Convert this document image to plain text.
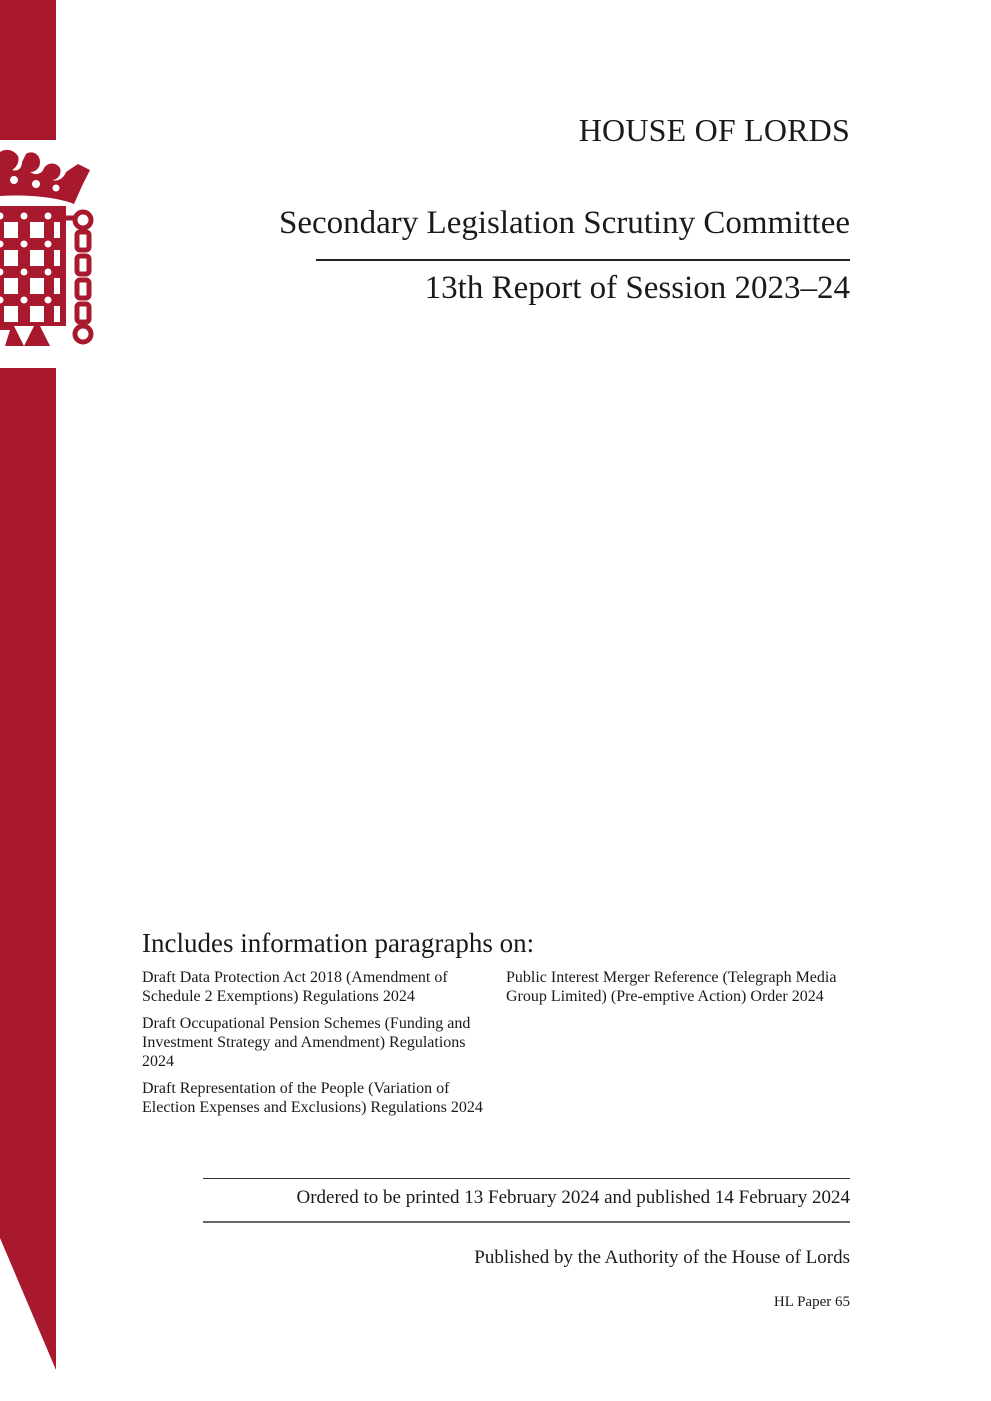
HOUSE OF LORDS
Secondary Legislation Scrutiny Committee
13th Report of Session 2023–24
Includes information paragraphs on:
Draft Data Protection Act 2018 (Amendment of Schedule 2 Exemptions) Regulations 2024
Draft Occupational Pension Schemes (Funding and Investment Strategy and Amendment) Regulations 2024
Draft Representation of the People (Variation of Election Expenses and Exclusions) Regulations 2024
Public Interest Merger Reference (Telegraph Media Group Limited) (Pre-emptive Action) Order 2024
Ordered to be printed 13 February 2024 and published 14 February 2024
Published by the Authority of the House of Lords
HL Paper 65
